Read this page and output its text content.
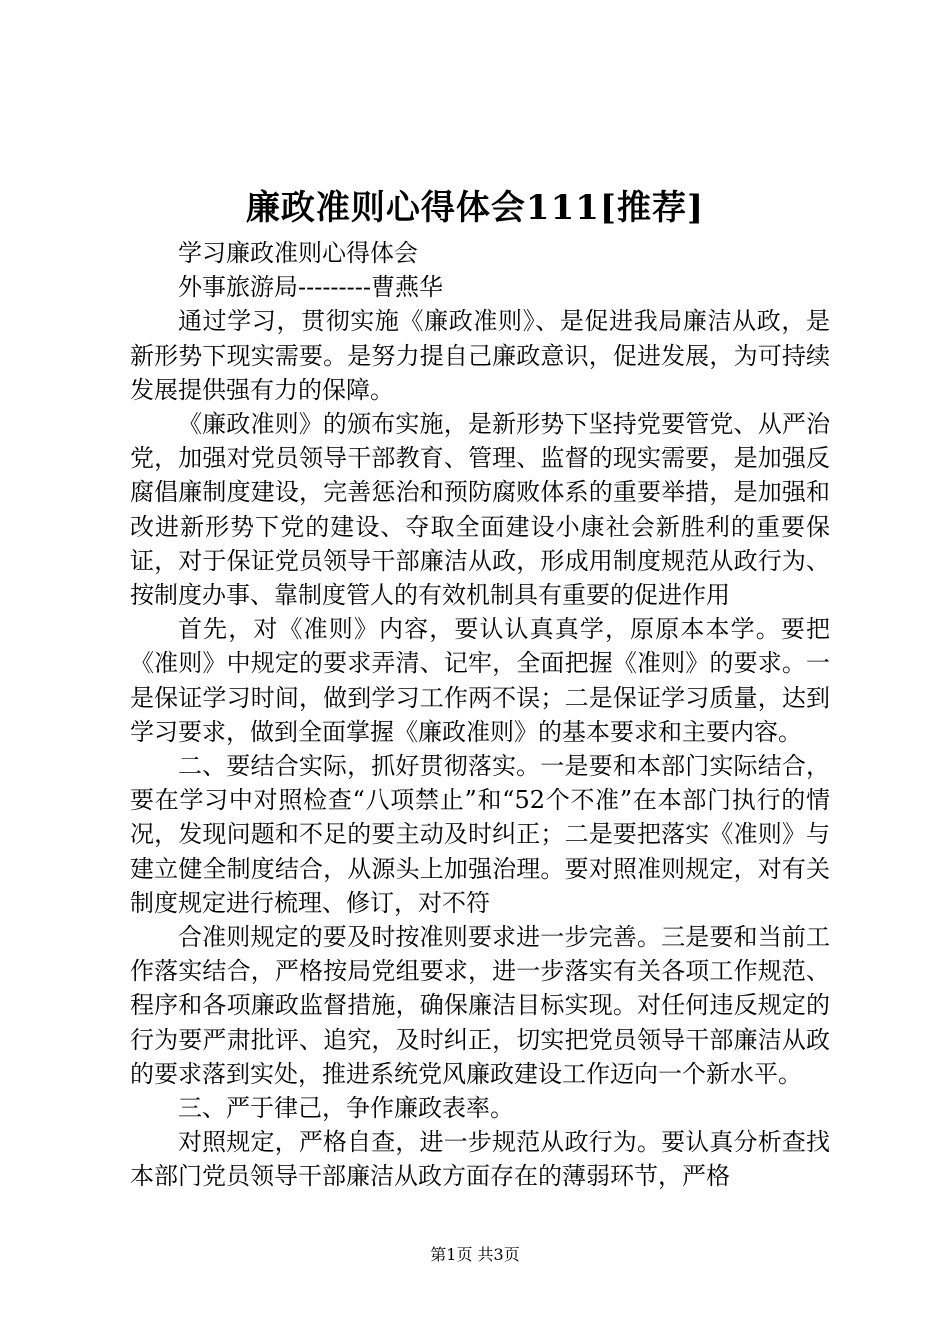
廉政准则心得体会111[推荐]

学习廉政准则心得体会

外事旅游局---------曹燕华

通过学习，贯彻实施《廉政准则》、是促进我局廉洁从政，是新形势下现实需要。是努力提自己廉政意识，促进发展，为可持续发展提供强有力的保障。

《廉政准则》的颁布实施，是新形势下坚持党要管党、从严治党，加强对党员领导干部教育、管理、监督的现实需要，是加强反腐倡廉制度建设，完善惩治和预防腐败体系的重要举措，是加强和改进新形势下党的建设、夺取全面建设小康社会新胜利的重要保证，对于保证党员领导干部廉洁从政，形成用制度规范从政行为、按制度办事、靠制度管人的有效机制具有重要的促进作用

首先，对《准则》内容，要认认真真学，原原本本学。要把《准则》中规定的要求弄清、记牢，全面把握《准则》的要求。一是保证学习时间，做到学习工作两不误；二是保证学习质量，达到学习要求，做到全面掌握《廉政准则》的基本要求和主要内容。

二、要结合实际，抓好贯彻落实。一是要和本部门实际结合，要在学习中对照检查“八项禁止”和“52个不准”在本部门执行的情况，发现问题和不足的要主动及时纠正；二是要把落实《准则》与建立健全制度结合，从源头上加强治理。要对照准则规定，对有关制度规定进行梳理、修订，对不符

合准则规定的要及时按准则要求进一步完善。三是要和当前工作落实结合，严格按局党组要求，进一步落实有关各项工作规范、程序和各项廉政监督措施，确保廉洁目标实现。对任何违反规定的行为要严肃批评、追究，及时纠正，切实把党员领导干部廉洁从政的要求落到实处，推进系统党风廉政建设工作迈向一个新水平。

三、严于律己，争作廉政表率。

对照规定，严格自查，进一步规范从政行为。要认真分析查找本部门党员领导干部廉洁从政方面存在的薄弱环节，严格

第1页 共3页
